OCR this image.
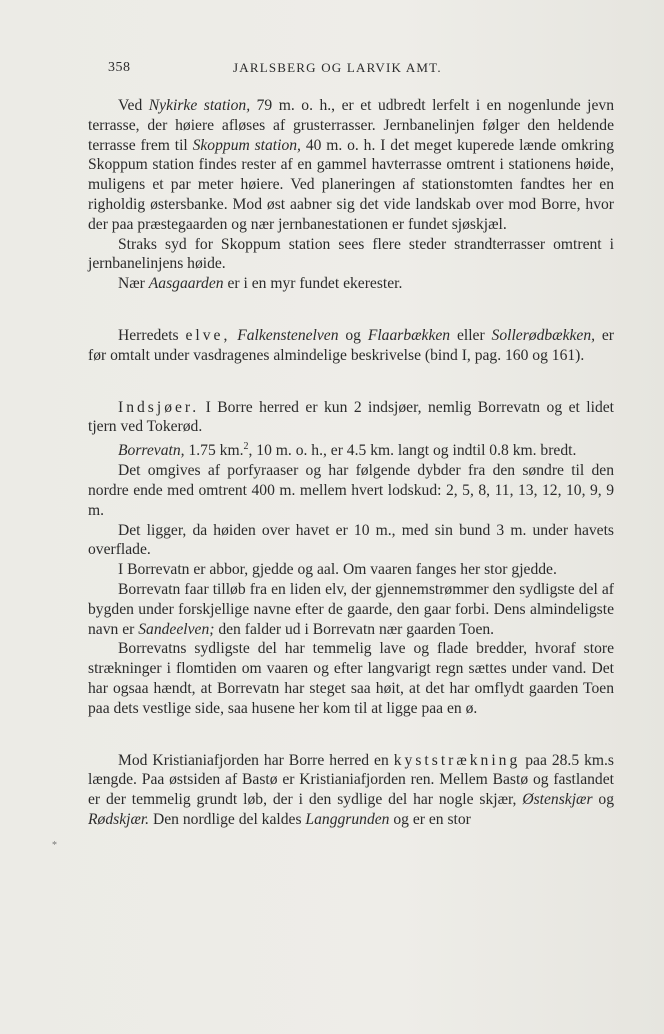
358	JARLSBERG OG LARVIK AMT.

Ved Nykirke station, 79 m. o. h., er et udbredt lerfelt i en nogenlunde jevn terrasse, der høiere afløses af grusterrasser. Jernbanelinjen følger den heldende terrasse frem til Skoppum station, 40 m. o. h. I det meget kuperede lænde omkring Skoppum station findes rester af en gammel havterrasse omtrent i stationens høide, muligens et par meter høiere. Ved planeringen af stationstomten fandtes her en righoldig østersbanke. Mod øst aabner sig det vide landskab over mod Borre, hvor der paa præstegaarden og nær jernbanestationen er fundet sjøskjæl.

Straks syd for Skoppum station sees flere steder strandterrasser omtrent i jernbanelinjens høide.

Nær Aasgaarden er i en myr fundet ekerester.

Herredets elve, Falkenstenelven og Flaarbækken eller Sollerødbækken, er før omtalt under vasdragenes almindelige beskrivelse (bind I, pag. 160 og 161).

Indsjøer. I Borre herred er kun 2 indsjøer, nemlig Borrevatn og et lidet tjern ved Tokerød.

Borrevatn, 1.75 km.$^2$, 10 m. o. h., er 4.5 km. langt og indtil 0.8 km. bredt.

Det omgives af porfyraaser og har følgende dybder fra den søndre til den nordre ende med omtrent 400 m. mellem hvert lodskud: 2, 5, 8, 11, 13, 12, 10, 9, 9 m.

Det ligger, da høiden over havet er 10 m., med sin bund 3 m. under havets overflade.

I Borrevatn er abbor, gjedde og aal. Om vaaren fanges her stor gjedde.

Borrevatn faar tilløb fra en liden elv, der gjennemstrømmer den sydligste del af bygden under forskjellige navne efter de gaarde, den gaar forbi. Dens almindeligste navn er Sandeelven; den falder ud i Borrevatn nær gaarden Toen.

Borrevatns sydligste del har temmelig lave og flade bredder, hvoraf store strækninger i flomtiden om vaaren og efter langvarigt regn sættes under vand. Det har ogsaa hændt, at Borrevatn har steget saa høit, at det har omflydt gaarden Toen paa dets vestlige side, saa husene her kom til at ligge paa en ø.

Mod Kristianiafjorden har Borre herred en kyststrækning paa 28.5 km.s længde. Paa østsiden af Bastø er Kristianiafjorden ren. Mellem Bastø og fastlandet er der temmelig grundt løb, der i den sydlige del har nogle skjær, Østenskjær og Rødskjær. Den nordlige del kaldes Langgrunden og er en stor

*
